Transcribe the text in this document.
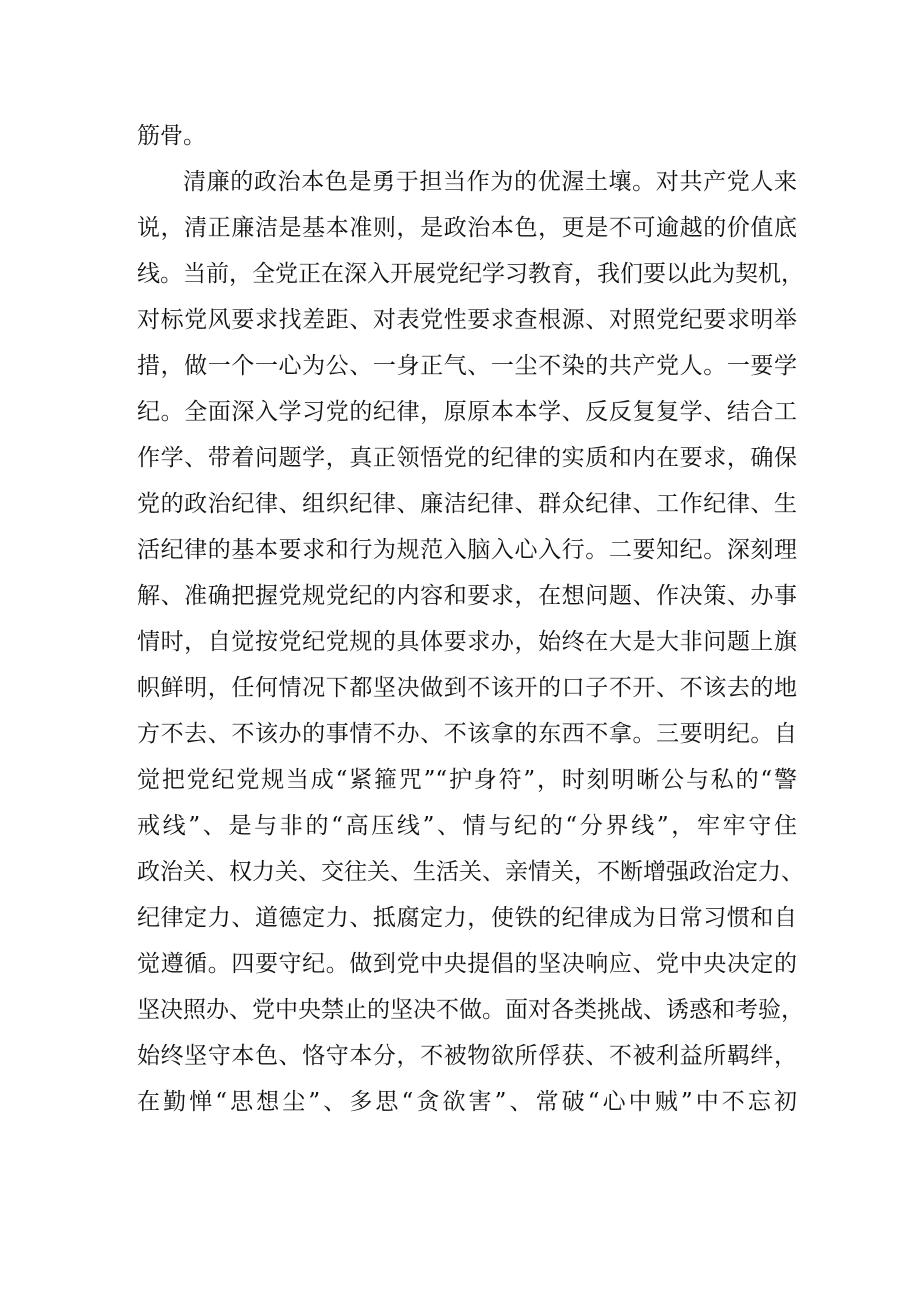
筋骨。
清廉的政治本色是勇于担当作为的优渥土壤。对共产党人来
说，清正廉洁是基本准则，是政治本色，更是不可逾越的价值底
线。当前，全党正在深入开展党纪学习教育，我们要以此为契机，
对标党风要求找差距、对表党性要求查根源、对照党纪要求明举
措，做一个一心为公、一身正气、一尘不染的共产党人。一要学
纪。全面深入学习党的纪律，原原本本学、反反复复学、结合工
作学、带着问题学，真正领悟党的纪律的实质和内在要求，确保
党的政治纪律、组织纪律、廉洁纪律、群众纪律、工作纪律、生
活纪律的基本要求和行为规范入脑入心入行。二要知纪。深刻理
解、准确把握党规党纪的内容和要求，在想问题、作决策、办事
情时，自觉按党纪党规的具体要求办，始终在大是大非问题上旗
帜鲜明，任何情况下都坚决做到不该开的口子不开、不该去的地
方不去、不该办的事情不办、不该拿的东西不拿。三要明纪。自
觉把党纪党规当成“紧箍咒”“护身符”，时刻明晰公与私的“警
戒线”、是与非的“高压线”、情与纪的“分界线”，牢牢守住
政治关、权力关、交往关、生活关、亲情关，不断增强政治定力、
纪律定力、道德定力、抵腐定力，使铁的纪律成为日常习惯和自
觉遵循。四要守纪。做到党中央提倡的坚决响应、党中央决定的
坚决照办、党中央禁止的坚决不做。面对各类挑战、诱惑和考验，
始终坚守本色、恪守本分，不被物欲所俘获、不被利益所羁绊，
在勤惮“思想尘”、多思“贪欲害”、常破“心中贼”中不忘初
